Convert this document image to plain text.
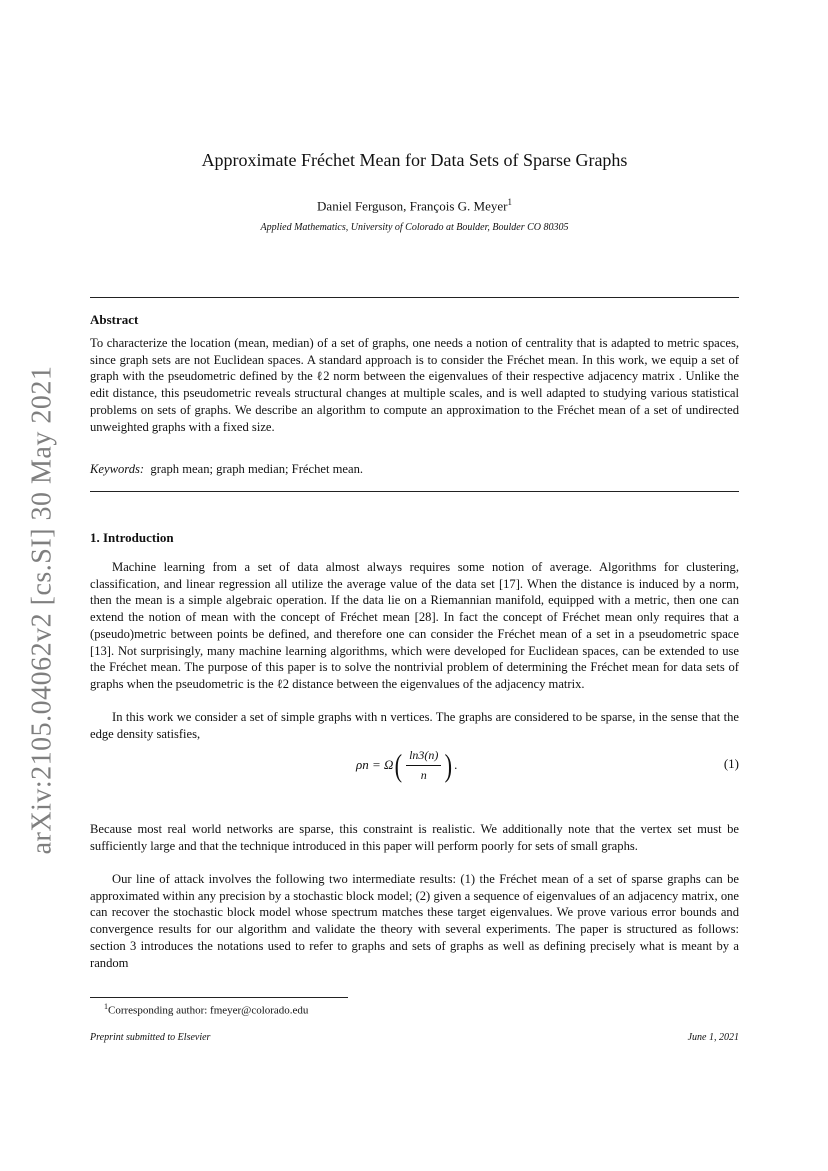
arXiv:2105.04062v2 [cs.SI] 30 May 2021
Approximate Fréchet Mean for Data Sets of Sparse Graphs
Daniel Ferguson, François G. Meyer$^1$
Applied Mathematics, University of Colorado at Boulder, Boulder CO 80305
Abstract
To characterize the location (mean, median) of a set of graphs, one needs a notion of centrality that is adapted to metric spaces, since graph sets are not Euclidean spaces. A standard approach is to consider the Fréchet mean. In this work, we equip a set of graph with the pseudometric defined by the ℓ2 norm between the eigenvalues of their respective adjacency matrix . Unlike the edit distance, this pseudometric reveals structural changes at multiple scales, and is well adapted to studying various statistical problems on sets of graphs. We describe an algorithm to compute an approximation to the Fréchet mean of a set of undirected unweighted graphs with a fixed size.
Keywords: graph mean; graph median; Fréchet mean.
1. Introduction
Machine learning from a set of data almost always requires some notion of average. Algorithms for clustering, classification, and linear regression all utilize the average value of the data set [17]. When the distance is induced by a norm, then the mean is a simple algebraic operation. If the data lie on a Riemannian manifold, equipped with a metric, then one can extend the notion of mean with the concept of Fréchet mean [28]. In fact the concept of Fréchet mean only requires that a (pseudo)metric between points be defined, and therefore one can consider the Fréchet mean of a set in a pseudometric space [13]. Not surprisingly, many machine learning algorithms, which were developed for Euclidean spaces, can be extended to use the Fréchet mean. The purpose of this paper is to solve the nontrivial problem of determining the Fréchet mean for data sets of graphs when the pseudometric is the ℓ2 distance between the eigenvalues of the adjacency matrix.
In this work we consider a set of simple graphs with n vertices. The graphs are considered to be sparse, in the sense that the edge density satisfies,
ρn = Ω ( $\frac{\ln 3(n)}{n}$ ) .	(1)
Because most real world networks are sparse, this constraint is realistic. We additionally note that the vertex set must be sufficiently large and that the technique introduced in this paper will perform poorly for sets of small graphs.
Our line of attack involves the following two intermediate results: (1) the Fréchet mean of a set of sparse graphs can be approximated within any precision by a stochastic block model; (2) given a sequence of eigenvalues of an adjacency matrix, one can recover the stochastic block model whose spectrum matches these target eigenvalues. We prove various error bounds and convergence results for our algorithm and validate the theory with several experiments. The paper is structured as follows: section 3 introduces the notations used to refer to graphs and sets of graphs as well as defining precisely what is meant by a random
$^1$Corresponding author: fmeyer@colorado.edu
Preprint submitted to Elsevier	June 1, 2021
